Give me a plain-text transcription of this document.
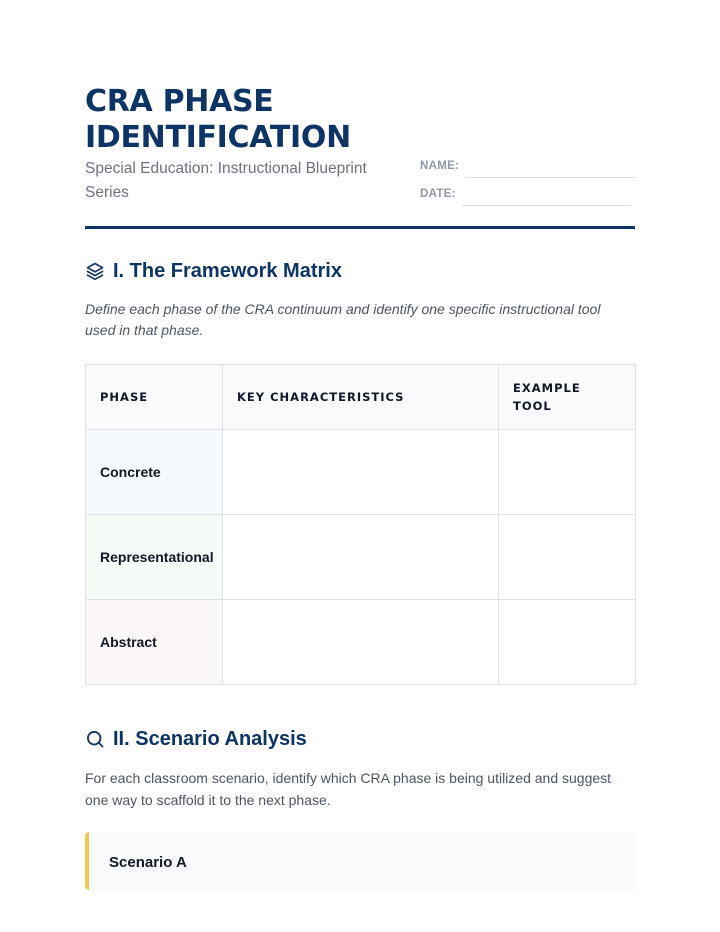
CRA PHASE IDENTIFICATION
Special Education: Instructional Blueprint Series
NAME:
DATE:
I. The Framework Matrix

Define each phase of the CRA continuum and identify one specific instructional tool used in that phase.

PHASE	KEY CHARACTERISTICS	EXAMPLE TOOL
Concrete		
Representational		
Abstract		
II. Scenario Analysis

For each classroom scenario, identify which CRA phase is being utilized and suggest one way to scaffold it to the next phase.

Scenario A
